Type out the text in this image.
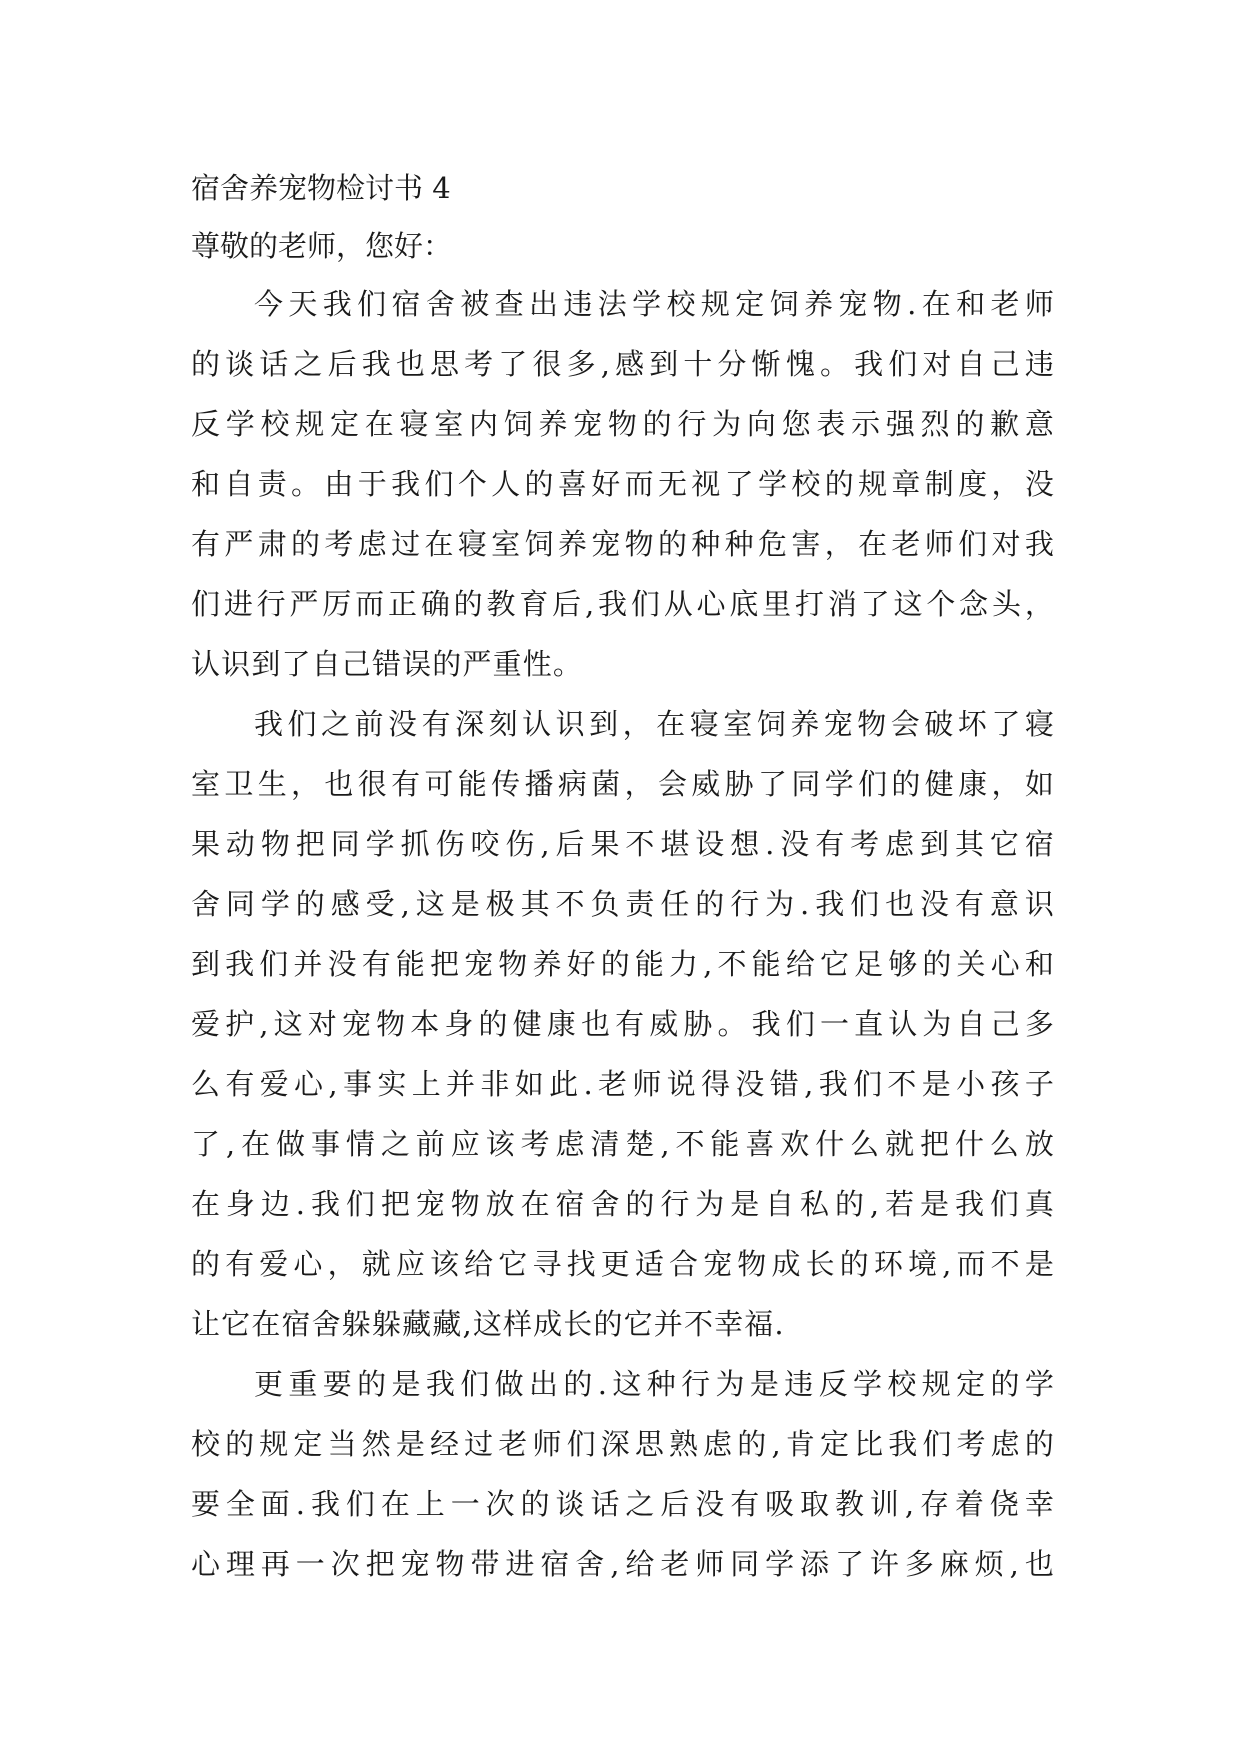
宿舍养宠物检讨书 4

尊敬的老师，您好：

今天我们宿舍被查出违法学校规定饲养宠物.在和老师
的谈话之后我也思考了很多,感到十分惭愧。我们对自己违
反学校规定在寝室内饲养宠物的行为向您表示强烈的歉意
和自责。由于我们个人的喜好而无视了学校的规章制度，没
有严肃的考虑过在寝室饲养宠物的种种危害，在老师们对我
们进行严厉而正确的教育后,我们从心底里打消了这个念头，
认识到了自己错误的严重性。
我们之前没有深刻认识到，在寝室饲养宠物会破坏了寝
室卫生，也很有可能传播病菌，会威胁了同学们的健康，如
果动物把同学抓伤咬伤,后果不堪设想.没有考虑到其它宿
舍同学的感受,这是极其不负责任的行为.我们也没有意识
到我们并没有能把宠物养好的能力,不能给它足够的关心和
爱护,这对宠物本身的健康也有威胁。我们一直认为自己多
么有爱心,事实上并非如此.老师说得没错,我们不是小孩子
了,在做事情之前应该考虑清楚,不能喜欢什么就把什么放
在身边.我们把宠物放在宿舍的行为是自私的,若是我们真
的有爱心，就应该给它寻找更适合宠物成长的环境,而不是
让它在宿舍躲躲藏藏,这样成长的它并不幸福.
更重要的是我们做出的.这种行为是违反学校规定的学
校的规定当然是经过老师们深思熟虑的,肯定比我们考虑的
要全面.我们在上一次的谈话之后没有吸取教训,存着侥幸
心理再一次把宠物带进宿舍,给老师同学添了许多麻烦,也
